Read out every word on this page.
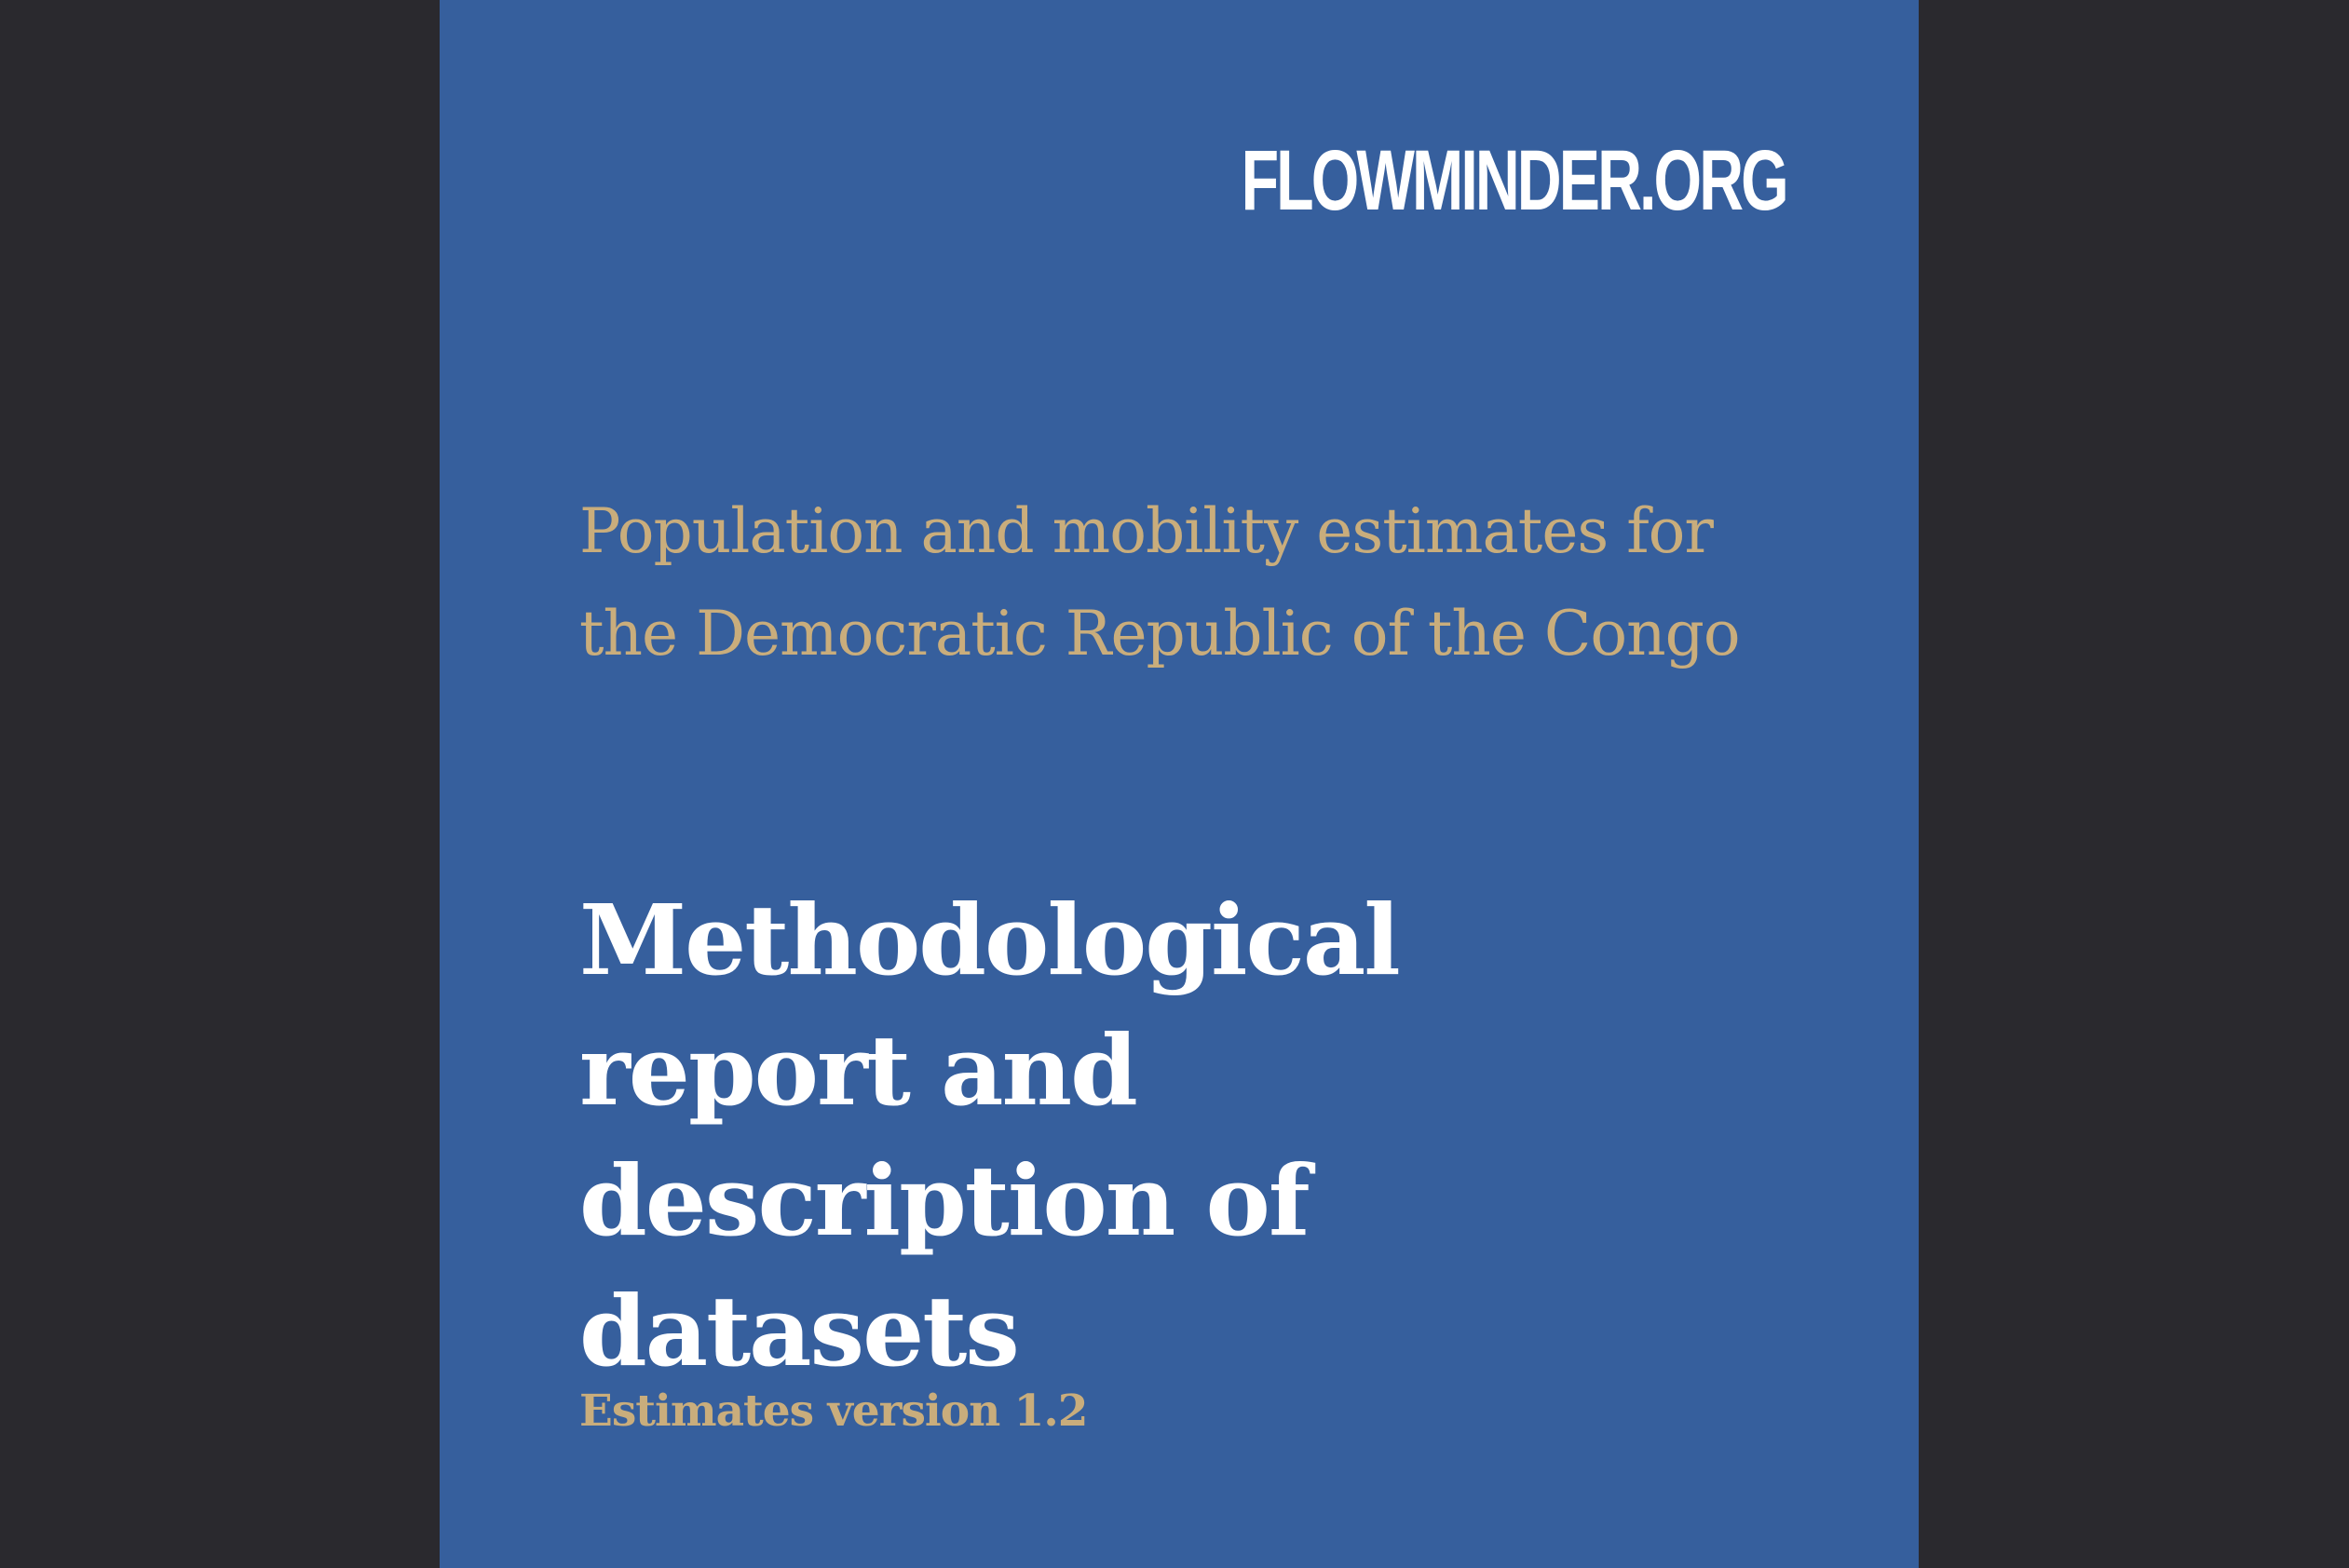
FLOWMINDER.ORG
Population and mobility estimates for the Democratic Republic of the Congo
Methodological report and description of datasets
Estimates version 1.2
